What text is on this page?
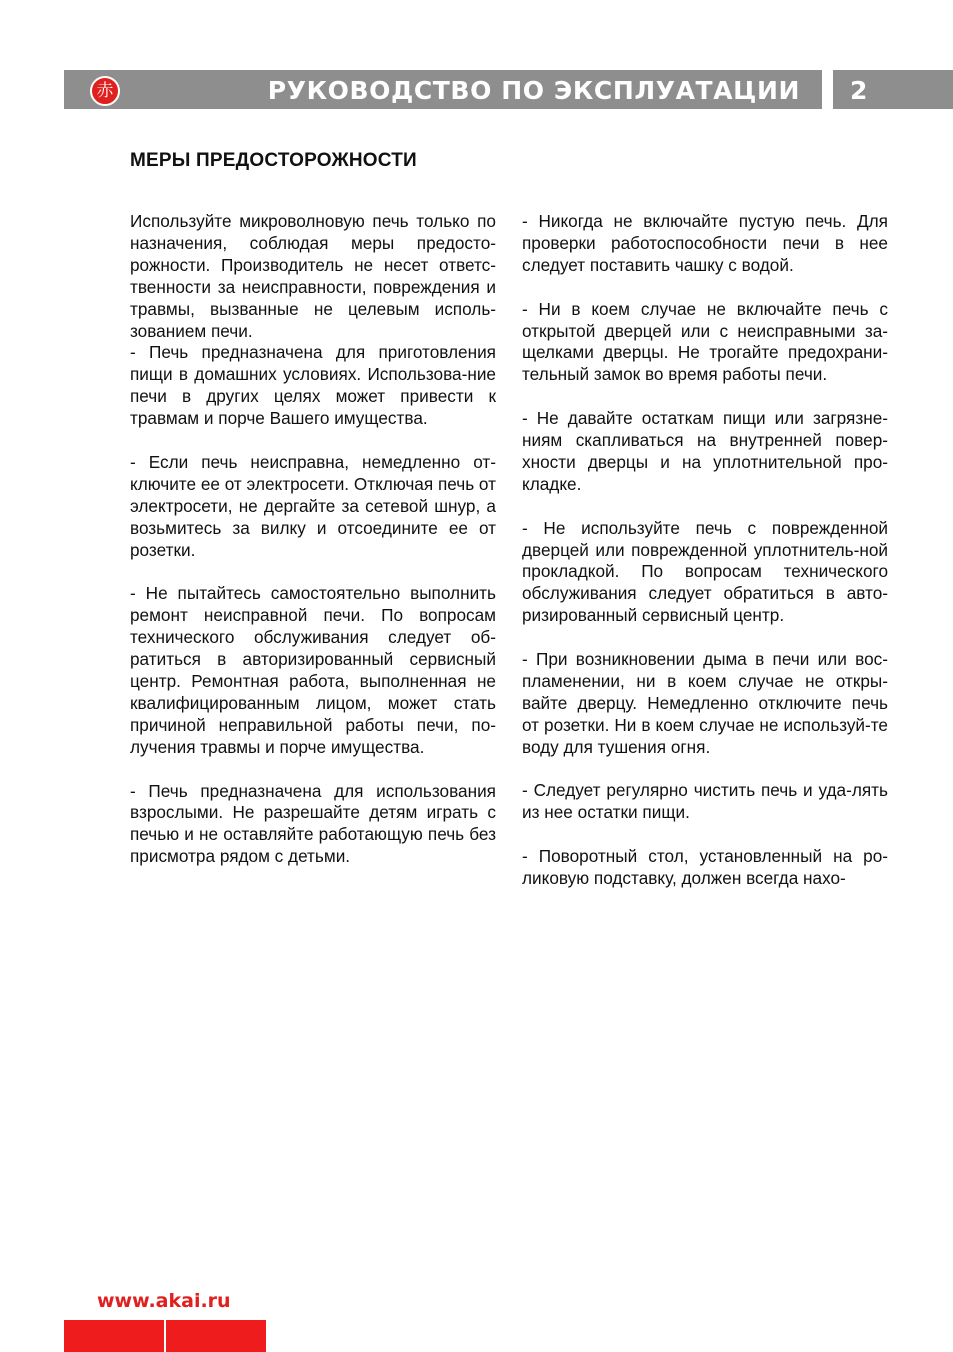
赤	РУКОВОДСТВО ПО ЭКСПЛУАТАЦИИ 2
МЕРЫ ПРЕДОСТОРОЖНОСТИ

Используйте микроволновую печь только по назначения, соблюдая меры предосто-рожности. Производитель не несет ответс-твенности за неисправности, повреждения и травмы, вызванные не целевым исполь-зованием печи.

- Печь предназначена для приготовления пищи в домашних условиях. Использова-ние печи в других целях может привести к травмам и порче Вашего имущества.

- Если печь неисправна, немедленно от-ключите ее от электросети. Отключая печь от электросети, не дергайте за сетевой шнур, а возьмитесь за вилку и отсоедините ее от розетки.

- Не пытайтесь самостоятельно выполнить ремонт неисправной печи. По вопросам технического обслуживания следует об-ратиться в авторизированный сервисный центр. Ремонтная работа, выполненная не квалифицированным лицом, может стать причиной неправильной работы печи, по-лучения травмы и порче имущества.

- Печь предназначена для использования взрослыми. Не разрешайте детям играть с печью и не оставляйте работающую печь без присмотра рядом с детьми.

- Никогда не включайте пустую печь. Для проверки работоспособности печи в нее следует поставить чашку с водой.

- Ни в коем случае не включайте печь с открытой дверцей или с неисправными за-щелками дверцы. Не трогайте предохрани-тельный замок во время работы печи.

- Не давайте остаткам пищи или загрязне-ниям скапливаться на внутренней повер-хности дверцы и на уплотнительной про-кладке.

- Не используйте печь с поврежденной дверцей или поврежденной уплотнитель-ной прокладкой. По вопросам технического обслуживания следует обратиться в авто-ризированный сервисный центр.

- При возникновении дыма в печи или вос-пламенении, ни в коем случае не откры-вайте дверцу. Немедленно отключите печь от розетки. Ни в коем случае не используй-те воду для тушения огня.

- Следует регулярно чистить печь и уда-лять из нее остатки пищи.

- Поворотный стол, установленный на ро-ликовую подставку, должен всегда нахо-

www.akai.ru
